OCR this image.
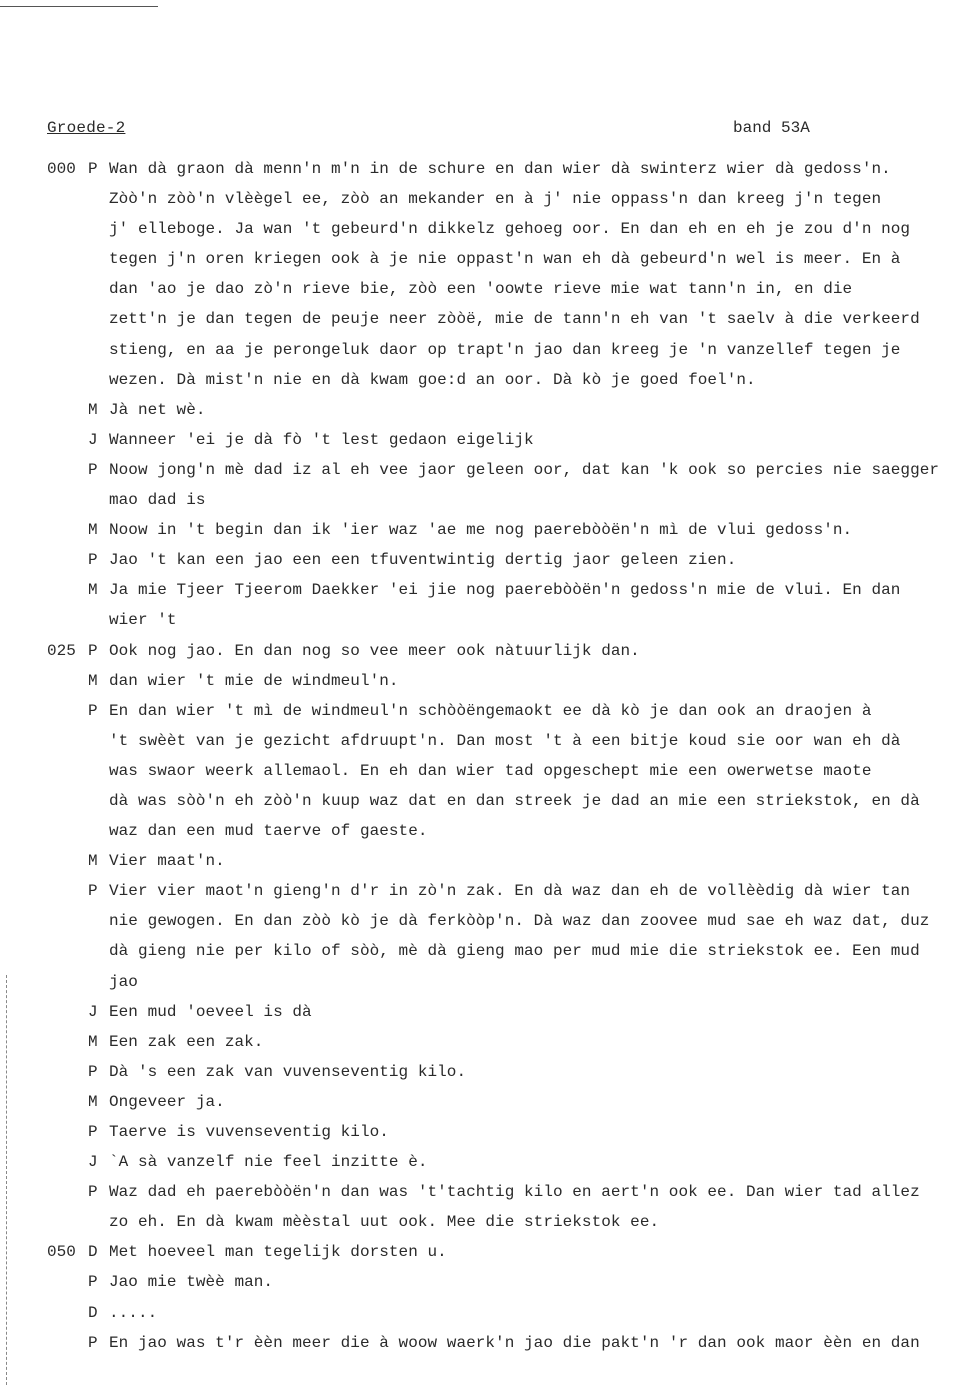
Groede-2	band 53A
000 P Wan dà graon dà menn'n m'n in de schure en dan wier dà swinterz wier dà gedoss'n.
Zòò'n zòò'n vlèègel ee, zòò an mekander en à j' nie oppass'n dan kreeg j'n tegen
j' elleboge. Ja wan 't gebeurd'n dikkelz gehoeg oor. En dan eh en eh je zou d'n nog
tegen j'n oren kriegen ook à je nie oppast'n wan eh dà gebeurd'n wel is meer. En à
dan 'ao je dao zò'n rieve bie, zòò een 'oowte rieve mie wat tann'n in, en die
zett'n je dan tegen de peuje neer zòòë, mie de tann'n eh van 't saelv à die verkeerd
stieng, en aa je perongeluk daor op trapt'n jao dan kreeg je 'n vanzellef tegen je
wezen. Dà mist'n nie en dà kwam goe:d an oor. Dà kò je goed foel'n.
M Jà net wè.
J Wanneer 'ei je dà fò 't lest gedaon eigelijk
P Noow jong'n mè dad iz al eh vee jaor geleen oor, dat kan 'k ook so percies nie saegger
mao dad is
M Noow in 't begin dan ik 'ier waz 'ae me nog paerebòòën'n mì de vlui gedoss'n.
P Jao 't kan een jao een een tfuventwintig dertig jaor geleen zien.
M Ja mie Tjeer Tjeerom Daekker 'ei jie nog paerebòòën'n gedoss'n mie de vlui. En dan
wier 't
025 P Ook nog jao. En dan nog so vee meer ook nàtuurlijk dan.
M dan wier 't mie de windmeul'n.
P En dan wier 't mì de windmeul'n schòòëngemaokt ee dà kò je dan ook an draojen à
't swèèt van je gezicht afdruupt'n. Dan most 't à een bitje koud sie oor wan eh dà
was swaor weerk allemaol. En eh dan wier tad opgeschept mie een owerwetse maote
dà was sòò'n eh zòò'n kuup waz dat en dan streek je dad an mie een striekstok, en dà
waz dan een mud taerve of gaeste.
M Vier maat'n.
P Vier vier maot'n gieng'n d'r in zò'n zak. En dà waz dan eh de vollèèdig dà wier tan
nie gewogen. En dan zòò kò je dà ferkòòp'n. Dà waz dan zoovee mud sae eh waz dat, duz
dà gieng nie per kilo of sòò, mè dà gieng mao per mud mie die striekstok ee. Een mud
jao
J Een mud 'oeveel is dà
M Een zak een zak.
P Dà 's een zak van vuvenseventig kilo.
M Ongeveer ja.
P Taerve is vuvenseventig kilo.
J `A sà vanzelf nie feel inzitte è.
P Waz dad eh paerebòòën'n dan was 't'tachtig kilo en aert'n ook ee. Dan wier tad allez
zo eh. En dà kwam mèèstal uut ook. Mee die striekstok ee.
050 D Met hoeveel man tegelijk dorsten u.
P Jao mie twèè man.
D .....
P En jao was t'r èèn meer die à woow waerk'n jao die pakt'n 'r dan ook maor èèn en dan
